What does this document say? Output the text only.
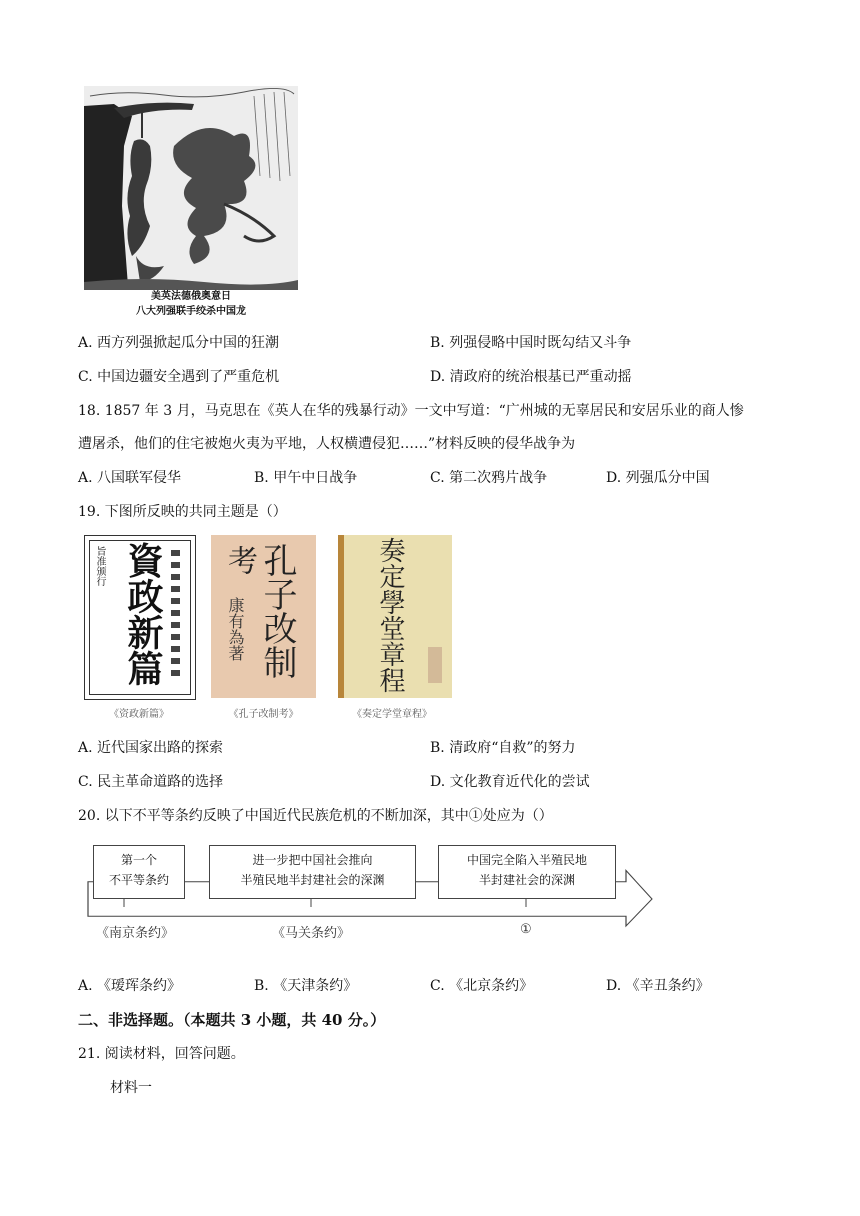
美英法德俄奥意日
八大列强联手绞杀中国龙
A. 西方列强掀起瓜分中国的狂潮	B. 列强侵略中国时既勾结又斗争
C. 中国边疆安全遇到了严重危机	D. 清政府的统治根基已严重动摇
18. 1857 年 3 月，马克思在《英人在华的残暴行动》一文中写道：“广州城的无辜居民和安居乐业的商人惨
遭屠杀，他们的住宅被炮火夷为平地，人权横遭侵犯……”材料反映的侵华战争为
A. 八国联军侵华	B. 甲午中日战争	C. 第二次鸦片战争	D. 列强瓜分中国
19. 下图所反映的共同主题是（）
資政新篇
旨准颁行
《资政新篇》
孔子改制
考
康有為著
《孔子改制考》
奏定學堂章程
《奏定学堂章程》
A. 近代国家出路的探索	B. 清政府“自救”的努力
C. 民主革命道路的选择	D. 文化教育近代化的尝试
20. 以下不平等条约反映了中国近代民族危机的不断加深，其中①处应为（）
第一个
不平等条约
进一步把中国社会推向
半殖民地半封建社会的深渊
中国完全陷入半殖民地
半封建社会的深渊
《南京条约》	《马关条约》	①
A. 《瑷珲条约》	B. 《天津条约》	C. 《北京条约》	D. 《辛丑条约》
二、非选择题。（本题共 3 小题，共 40 分。）
21. 阅读材料，回答问题。
材料一
